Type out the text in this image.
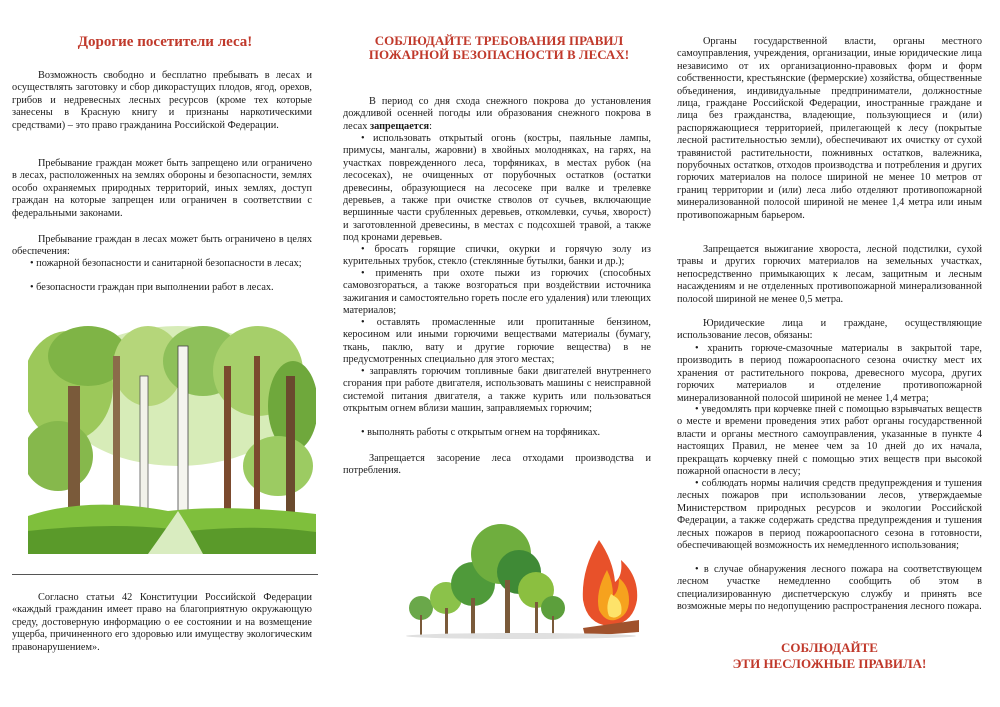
Дорогие посетители леса!

Возможность свободно и бесплатно пребывать в лесах и осуществлять заготовку и сбор дикорастущих плодов, ягод, орехов, грибов и недревесных лесных ресурсов (кроме тех которые занесены в Красную книгу и признаны наркотическими средствами) – это право гражданина Российской Федерации.

Пребывание граждан может быть запрещено или ограничено в лесах, расположенных на землях обороны и безопасности, землях особо охраняемых природных территорий, иных землях, доступ граждан на которые запрещен или ограничен в соответствии с федеральными законами.

Пребывание граждан в лесах может быть ограничено в целях обеспечения:

• пожарной безопасности и санитарной безопасности в лесах;

• безопасности граждан при выполнении работ в лесах.

Согласно статьи 42 Конституции Российской Федерации «каждый гражданин имеет право на благоприятную окружающую среду, достоверную информацию о ее состоянии и на возмещение ущерба, причиненного его здоровью или имуществу экологическим правонарушением».

СОБЛЮДАЙТЕ ТРЕБОВАНИЯ ПРАВИЛ ПОЖАРНОЙ БЕЗОПАСНОСТИ В ЛЕСАХ!

В период со дня схода снежного покрова до установления дождливой осенней погоды или образования снежного покрова в лесах запрещается:

• использовать открытый огонь (костры, паяльные лампы, примусы, мангалы, жаровни) в хвойных молодняках, на гарях, на участках поврежденного леса, торфяниках, в местах рубок (на лесосеках), не очищенных от порубочных остатков (остатки древесины, образующиеся на лесосеке при валке и трелевке деревьев, а также при очистке стволов от сучьев, включающие вершинные части срубленных деревьев, откомлевки, сучья, хворост) и заготовленной древесины, в местах с подсохшей травой, а также под кронами деревьев.

• бросать горящие спички, окурки и горячую золу из курительных трубок, стекло (стеклянные бутылки, банки и др.);

• применять при охоте пыжи из горючих (способных самовозгораться, а также возгораться при воздействии источника зажигания и самостоятельно гореть после его удаления) или тлеющих материалов;

• оставлять промасленные или пропитанные бензином, керосином или иными горючими веществами материалы (бумагу, ткань, паклю, вату и другие горючие вещества) в не предусмотренных специально для этого местах;

• заправлять горючим топливные баки двигателей внутреннего сгорания при работе двигателя, использовать машины с неисправной системой питания двигателя, а также курить или пользоваться открытым огнем вблизи машин, заправляемых горючим;

• выполнять работы с открытым огнем на торфяниках.

Запрещается засорение леса отходами производства и потребления.

Органы государственной власти, органы местного самоуправления, учреждения, организации, иные юридические лица независимо от их организационно-правовых форм и форм собственности, крестьянские (фермерские) хозяйства, общественные объединения, индивидуальные предприниматели, должностные лица, граждане Российской Федерации, иностранные граждане и лица без гражданства, владеющие, пользующиеся и (или) распоряжающиеся территорией, прилегающей к лесу (покрытые лесной растительностью земли), обеспечивают их очистку от сухой травянистой растительности, пожнивных остатков, валежника, порубочных остатков, отходов производства и потребления и других горючих материалов на полосе шириной не менее 10 метров от границ территории и (или) леса либо отделяют противопожарной минерализованной полосой шириной не менее 1,4 метра или иным противопожарным барьером.

Запрещается выжигание хвороста, лесной подстилки, сухой травы и других горючих материалов на земельных участках, непосредственно примыкающих к лесам, защитным и лесным насаждениям и не отделенных противопожарной минерализованной полосой шириной не менее 0,5 метра.

Юридические лица и граждане, осуществляющие использование лесов, обязаны:

• хранить горюче-смазочные материалы в закрытой таре, производить в период пожароопасного сезона очистку мест их хранения от растительного покрова, древесного мусора, других горючих материалов и отделение противопожарной минерализованной полосой шириной не менее 1,4 метра;

• уведомлять при корчевке пней с помощью взрывчатых веществ о месте и времени проведения этих работ органы государственной власти и органы местного самоуправления, указанные в пункте 4 настоящих Правил, не менее чем за 10 дней до их начала, прекращать корчевку пней с помощью этих веществ при высокой пожарной опасности в лесу;

• соблюдать нормы наличия средств предупреждения и тушения лесных пожаров при использовании лесов, утверждаемые Министерством природных ресурсов и экологии Российской Федерации, а также содержать средства предупреждения и тушения лесных пожаров в период пожароопасного сезона в готовности, обеспечивающей возможность их немедленного использования;

• в случае обнаружения лесного пожара на соответствующем лесном участке немедленно сообщить об этом в специализированную диспетчерскую службу и принять все возможные меры по недопущению распространения лесного пожара.

СОБЛЮДАЙТЕ
ЭТИ НЕСЛОЖНЫЕ ПРАВИЛА!
